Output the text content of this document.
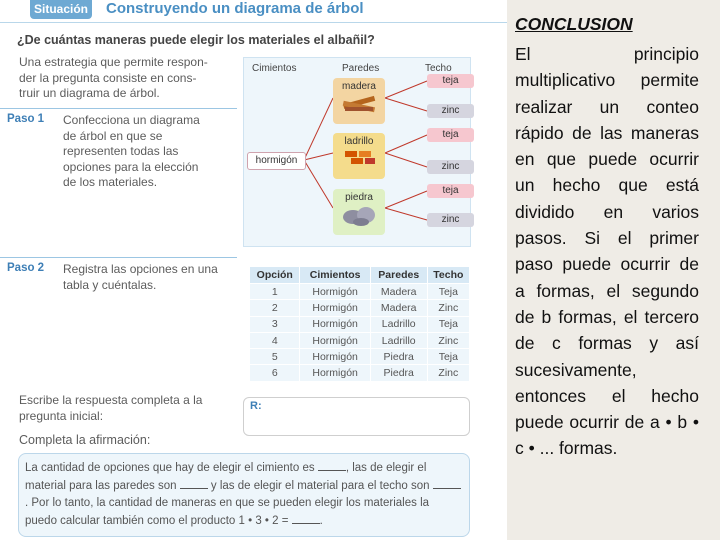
Situación Construyendo un diagrama de árbol
¿De cuántas maneras puede elegir los materiales el albañil?
Una estrategia que permite respon-
der la pregunta consiste en cons-
truir un diagrama de árbol.
Paso 1 Confecciona un diagrama
de árbol en que se
representen todas las
opciones para la elección
de los materiales.
Cimientos	Paredes	Techo
hormigón
madera
ladrillo
piedra
teja
zinc
teja
zinc
teja
zinc
Paso 2 Registra las opciones en una
tabla y cuéntalas.
Opción	Cimientos	Paredes	Techo
1	Hormigón	Madera	Teja
2	Hormigón	Madera	Zinc
3	Hormigón	Ladrillo	Teja
4	Hormigón	Ladrillo	Zinc
5	Hormigón	Piedra	Teja
6	Hormigón	Piedra	Zinc
Escribe la respuesta completa a la
pregunta inicial:
R:
Completa la afirmación:

La cantidad de opciones que hay de elegir el cimiento es	, las de elegir el material para las paredes son	y las de elegir el material para el techo son . Por lo tanto, la cantidad de maneras en que se pueden elegir los materiales la puedo calcular también como el producto 1 • 3 • 2 =	.

CONCLUSION
El principio multiplicativo permite realizar un conteo rápido de las maneras en que puede ocurrir un hecho que está dividido en varios pasos. Si el primer paso puede ocurrir de a formas, el segundo de b formas, el tercero de c formas y así sucesivamente, entonces el hecho puede ocurrir de a • b • c • ... formas.
